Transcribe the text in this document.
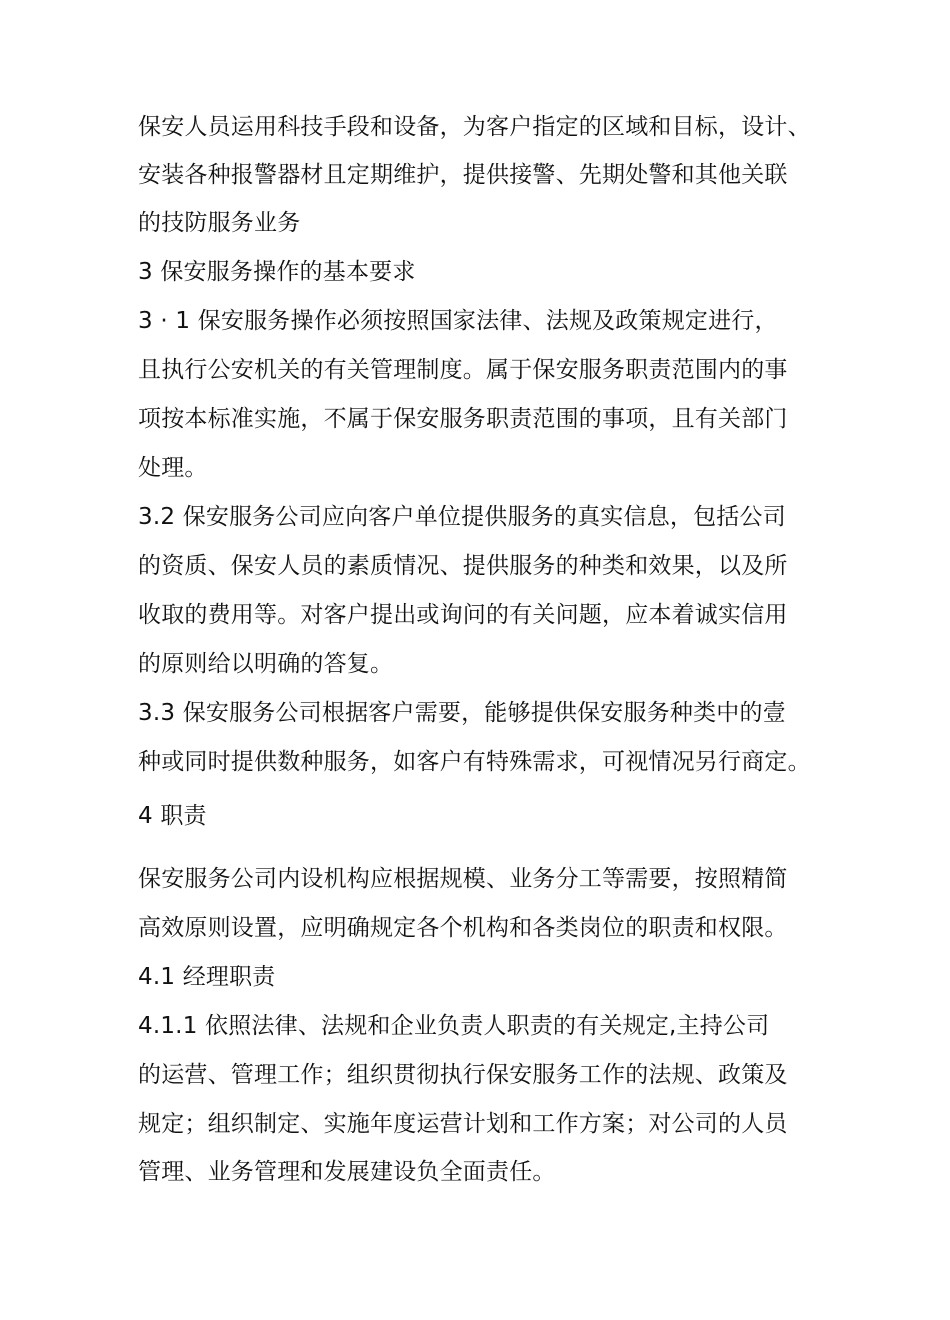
保安人员运用科技手段和设备，为客户指定的区域和目标，设计、
安装各种报警器材且定期维护，提供接警、先期处警和其他关联
的技防服务业务
3 保安服务操作的基本要求
3 · 1 保安服务操作必须按照国家法律、法规及政策规定进行，
且执行公安机关的有关管理制度。属于保安服务职责范围内的事
项按本标准实施，不属于保安服务职责范围的事项，且有关部门
处理。
3.2 保安服务公司应向客户单位提供服务的真实信息，包括公司
的资质、保安人员的素质情况、提供服务的种类和效果，以及所
收取的费用等。对客户提出或询问的有关问题，应本着诚实信用
的原则给以明确的答复。
3.3 保安服务公司根据客户需要，能够提供保安服务种类中的壹
种或同时提供数种服务，如客户有特殊需求，可视情况另行商定。
4 职责
保安服务公司内设机构应根据规模、业务分工等需要，按照精简
高效原则设置，应明确规定各个机构和各类岗位的职责和权限。
4.1 经理职责
4.1.1 依照法律、法规和企业负责人职责的有关规定,主持公司
的运营、管理工作；组织贯彻执行保安服务工作的法规、政策及
规定；组织制定、实施年度运营计划和工作方案；对公司的人员
管理、业务管理和发展建设负全面责任。
